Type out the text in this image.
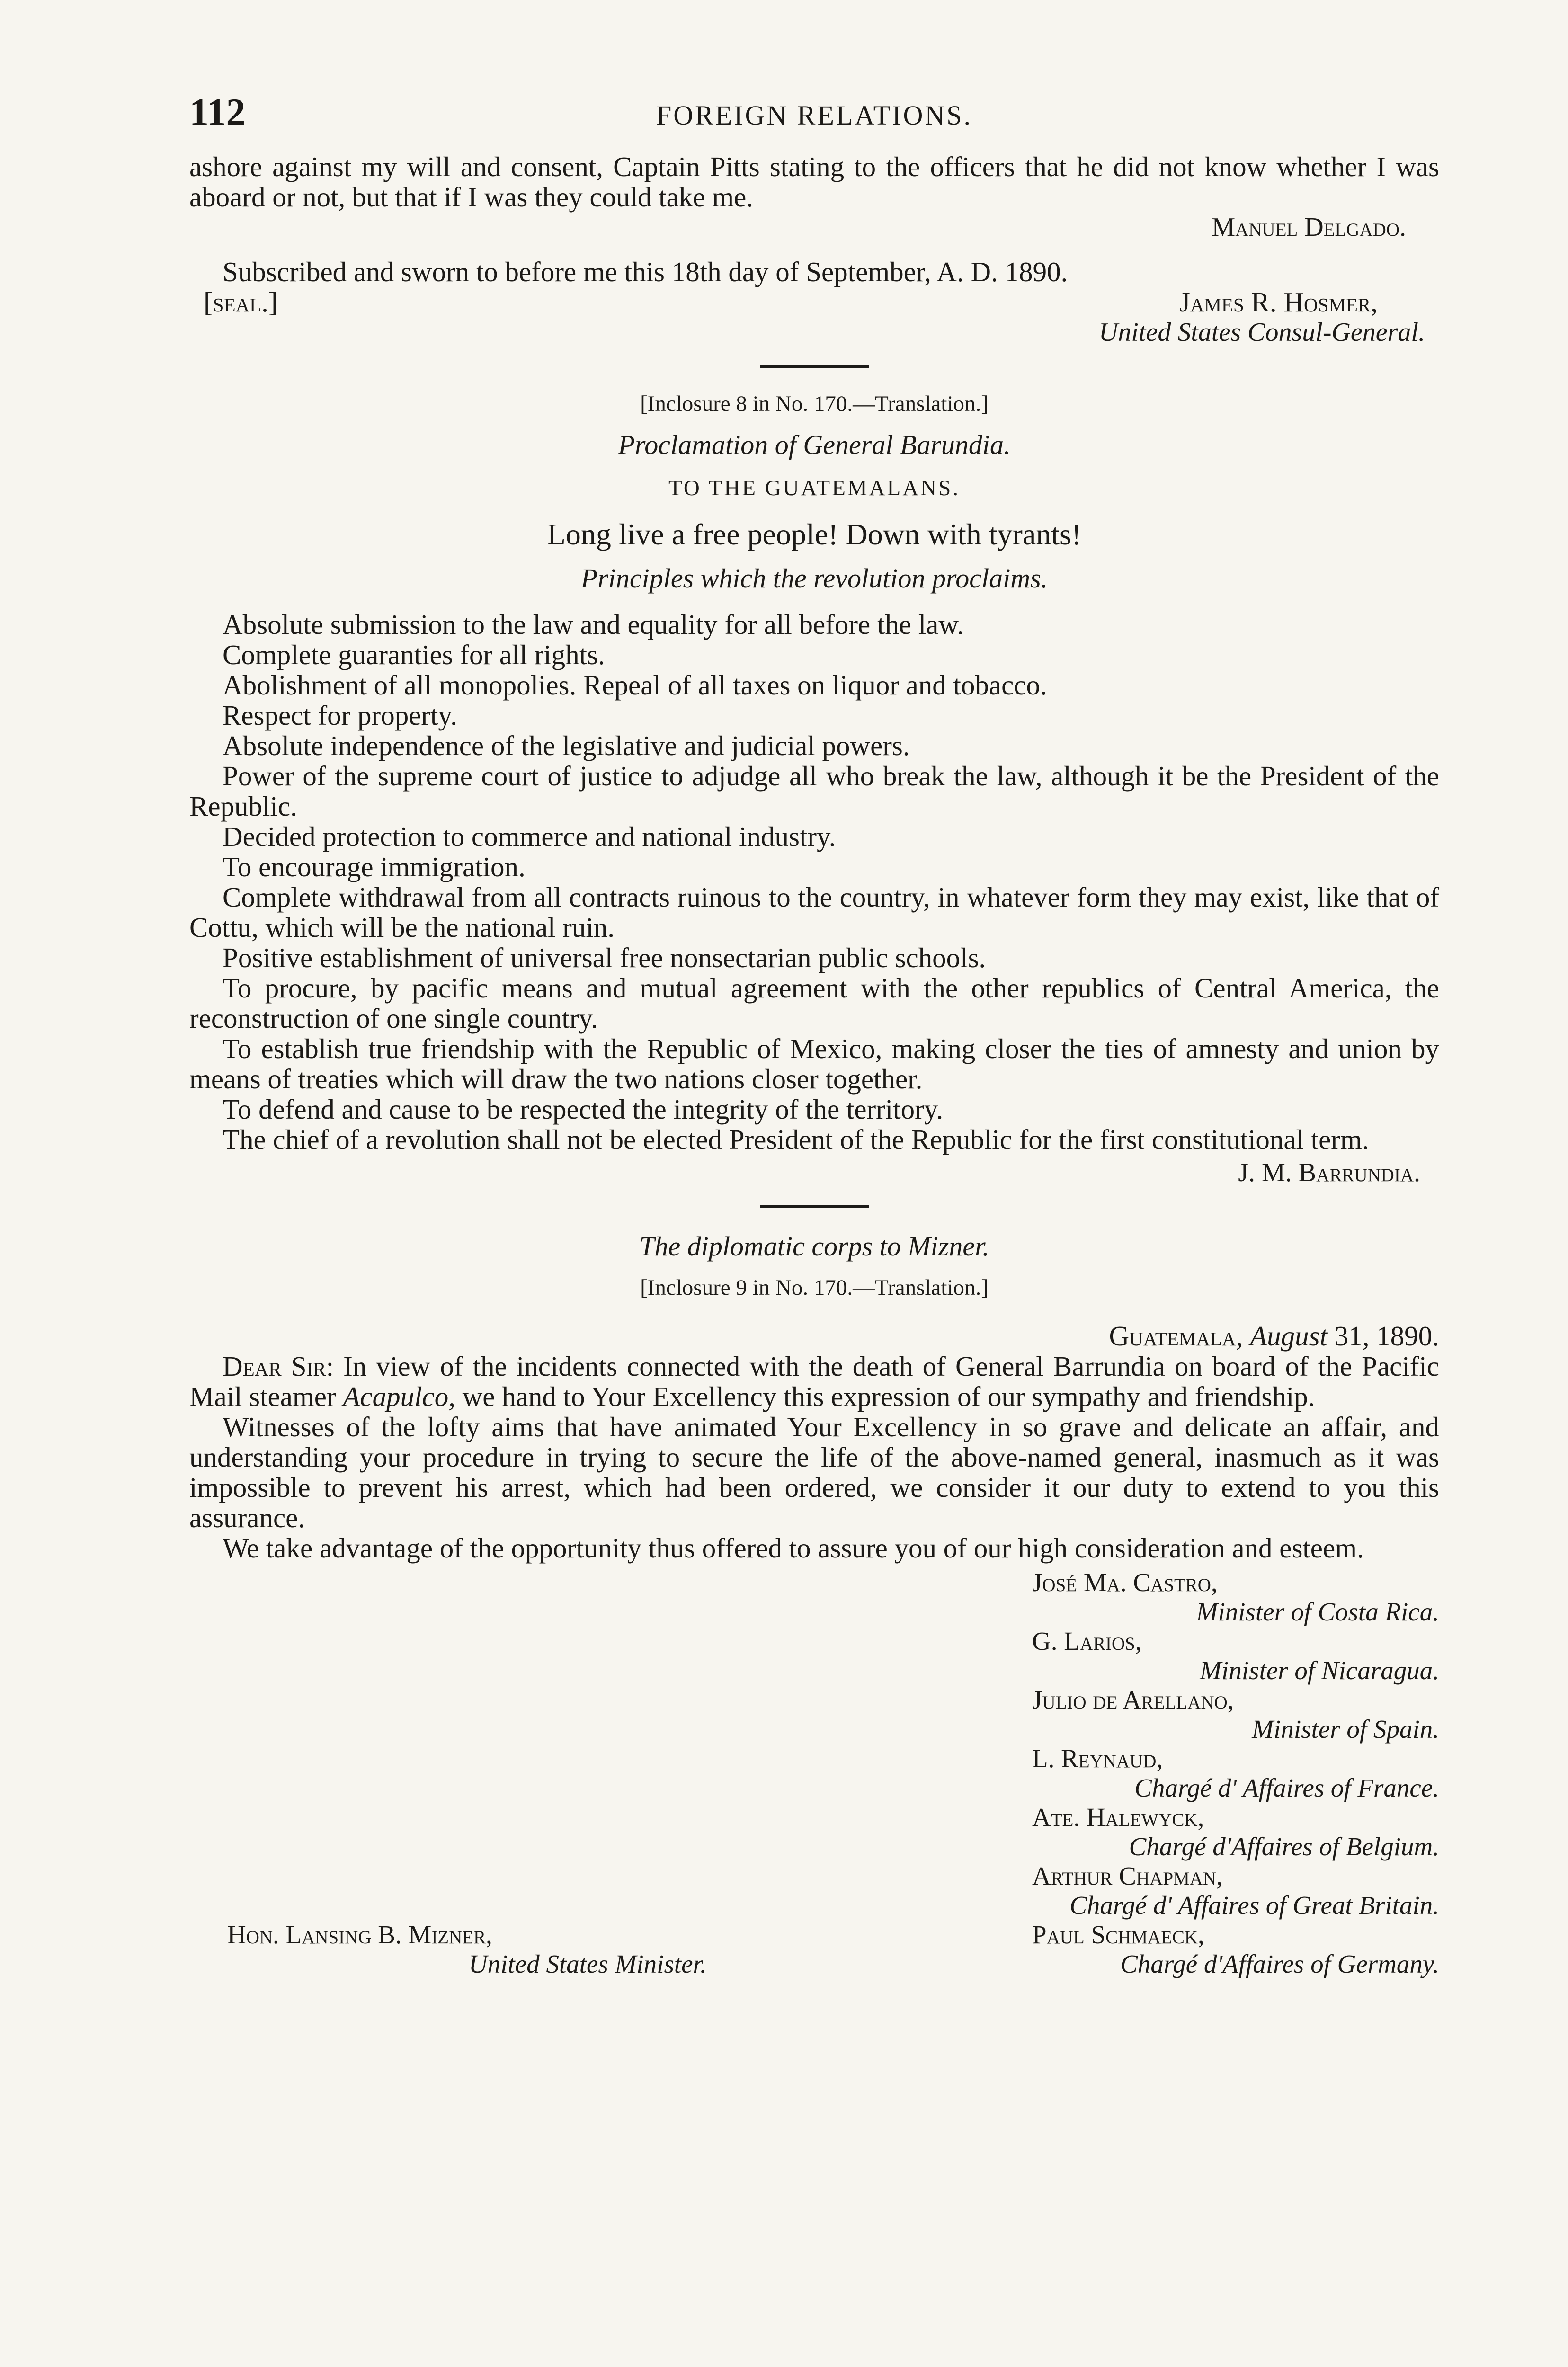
112	FOREIGN RELATIONS.

ashore against my will and consent, Captain Pitts stating to the officers that he did not know whether I was aboard or not, but that if I was they could take me.

Manuel Delgado.

Subscribed and sworn to before me this 18th day of September, A. D. 1890.

[seal.]	James R. Hosmer,
United States Consul-General.
[Inclosure 8 in No. 170.—Translation.]
Proclamation of General Barundia.
TO THE GUATEMALANS.
Long live a free people! Down with tyrants!
Principles which the revolution proclaims.

Absolute submission to the law and equality for all before the law.

Complete guaranties for all rights.

Abolishment of all monopolies. Repeal of all taxes on liquor and tobacco.

Respect for property.

Absolute independence of the legislative and judicial powers.

Power of the supreme court of justice to adjudge all who break the law, although it be the President of the Republic.

Decided protection to commerce and national industry.

To encourage immigration.

Complete withdrawal from all contracts ruinous to the country, in whatever form they may exist, like that of Cottu, which will be the national ruin.

Positive establishment of universal free nonsectarian public schools.

To procure, by pacific means and mutual agreement with the other republics of Central America, the reconstruction of one single country.

To establish true friendship with the Republic of Mexico, making closer the ties of amnesty and union by means of treaties which will draw the two nations closer together.

To defend and cause to be respected the integrity of the territory.

The chief of a revolution shall not be elected President of the Republic for the first constitutional term.

J. M. Barrundia.
The diplomatic corps to Mizner.
[Inclosure 9 in No. 170.—Translation.]
Guatemala, August 31, 1890.

Dear Sir: In view of the incidents connected with the death of General Barrundia on board of the Pacific Mail steamer Acapulco, we hand to Your Excellency this expression of our sympathy and friendship.

Witnesses of the lofty aims that have animated Your Excellency in so grave and delicate an affair, and understanding your procedure in trying to secure the life of the above-named general, inasmuch as it was impossible to prevent his arrest, which had been ordered, we consider it our duty to extend to you this assurance.

We take advantage of the opportunity thus offered to assure you of our high consideration and esteem.

José Ma. Castro,
Minister of Costa Rica.
G. Larios,
Minister of Nicaragua.
Julio de Arellano,
Minister of Spain.
L. Reynaud,
Chargé d' Affaires of France.
Ate. Halewyck,
Chargé d'Affaires of Belgium.
Arthur Chapman,
Chargé d' Affaires of Great Britain.
Hon. Lansing B. Mizner,	Paul Schmaeck,
United States Minister.	Chargé d'Affaires of Germany.
